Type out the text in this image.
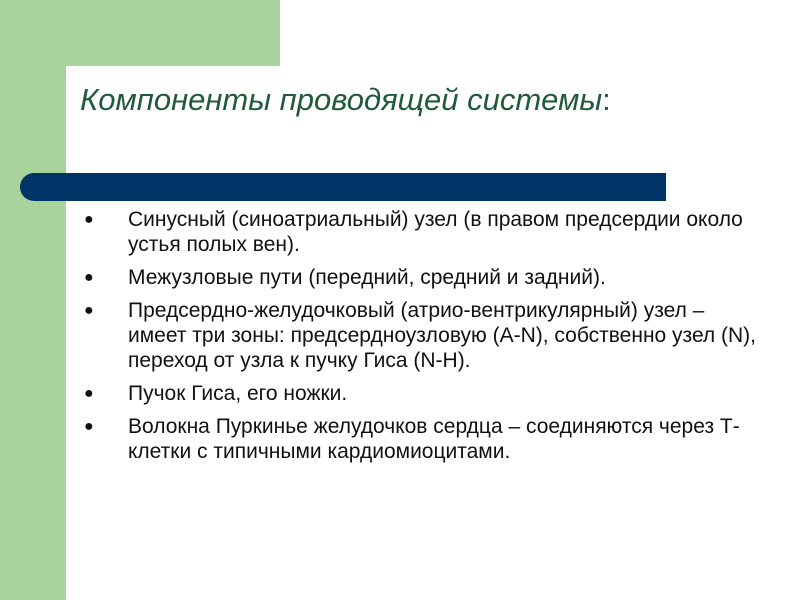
Компоненты проводящей системы:
● Синусный (синоатриальный) узел (в правом предсердии около устья полых вен).
● Межузловые пути (передний, средний и задний).
● Предсердно-желудочковый (атрио-вентрикулярный) узел – имеет три зоны: предсердноузловую (A-N), собственно узел (N), переход от узла к пучку Гиса (N-H).
● Пучок Гиса, его ножки.
● Волокна Пуркинье желудочков сердца – соединяются через Т-клетки с типичными кардиомиоцитами.
